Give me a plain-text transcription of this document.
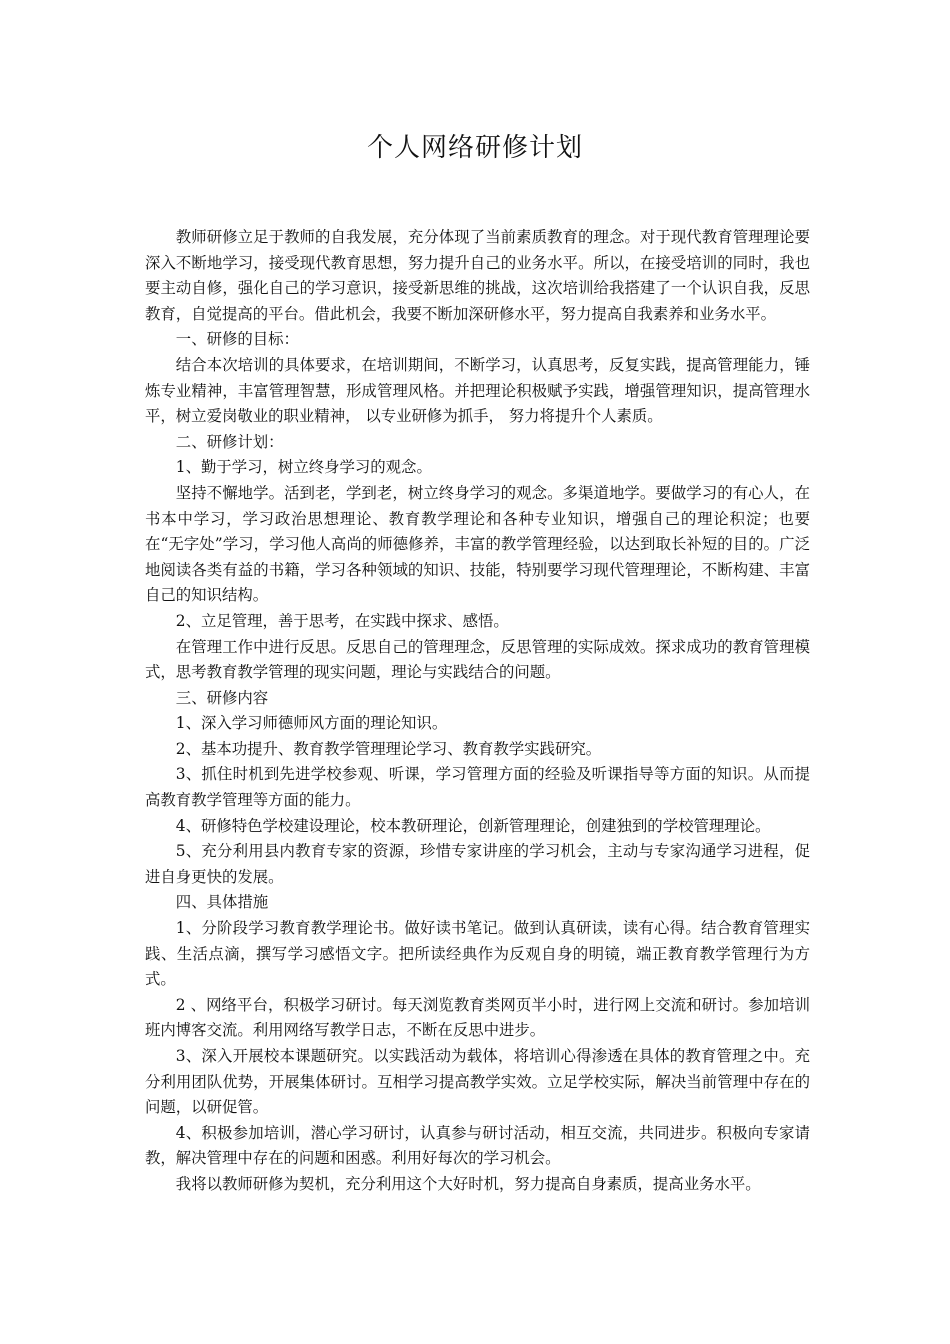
个人网络研修计划

教师研修立足于教师的自我发展，充分体现了当前素质教育的理念。对于现代教育管理理论要深入不断地学习，接受现代教育思想，努力提升自己的业务水平。所以，在接受培训的同时，我也要主动自修，强化自己的学习意识，接受新思维的挑战，这次培训给我搭建了一个认识自我，反思教育，自觉提高的平台。借此机会，我要不断加深研修水平，努力提高自我素养和业务水平。

一、研修的目标：

结合本次培训的具体要求，在培训期间，不断学习，认真思考，反复实践，提高管理能力，锤炼专业精神，丰富管理智慧，形成管理风格。并把理论积极赋予实践，增强管理知识，提高管理水平，树立爱岗敬业的职业精神， 以专业研修为抓手， 努力将提升个人素质。

二、研修计划：

1、勤于学习，树立终身学习的观念。

坚持不懈地学。活到老，学到老，树立终身学习的观念。多渠道地学。要做学习的有心人，在书本中学习，学习政治思想理论、教育教学理论和各种专业知识，增强自己的理论积淀；也要在“无字处”学习，学习他人高尚的师德修养，丰富的教学管理经验，以达到取长补短的目的。广泛地阅读各类有益的书籍，学习各种领域的知识、技能，特别要学习现代管理理论，不断构建、丰富自己的知识结构。

2、立足管理，善于思考，在实践中探求、感悟。

在管理工作中进行反思。反思自己的管理理念，反思管理的实际成效。探求成功的教育管理模式，思考教育教学管理的现实问题，理论与实践结合的问题。

三、研修内容

1、深入学习师德师风方面的理论知识。

2、基本功提升、教育教学管理理论学习、教育教学实践研究。

3、抓住时机到先进学校参观、听课，学习管理方面的经验及听课指导等方面的知识。从而提高教育教学管理等方面的能力。

4、研修特色学校建设理论，校本教研理论，创新管理理论，创建独到的学校管理理论。

5、充分利用县内教育专家的资源，珍惜专家讲座的学习机会，主动与专家沟通学习进程，促进自身更快的发展。

四、具体措施

1、分阶段学习教育教学理论书。做好读书笔记。做到认真研读，读有心得。结合教育管理实践、生活点滴，撰写学习感悟文字。把所读经典作为反观自身的明镜，端正教育教学管理行为方式。

2 、网络平台，积极学习研讨。每天浏览教育类网页半小时，进行网上交流和研讨。参加培训班内博客交流。利用网络写教学日志，不断在反思中进步。

3、深入开展校本课题研究。以实践活动为载体，将培训心得渗透在具体的教育管理之中。充分利用团队优势，开展集体研讨。互相学习提高教学实效。立足学校实际，解决当前管理中存在的问题，以研促管。

4、积极参加培训，潜心学习研讨，认真参与研讨活动，相互交流，共同进步。积极向专家请教，解决管理中存在的问题和困惑。利用好每次的学习机会。

我将以教师研修为契机，充分利用这个大好时机，努力提高自身素质，提高业务水平。
